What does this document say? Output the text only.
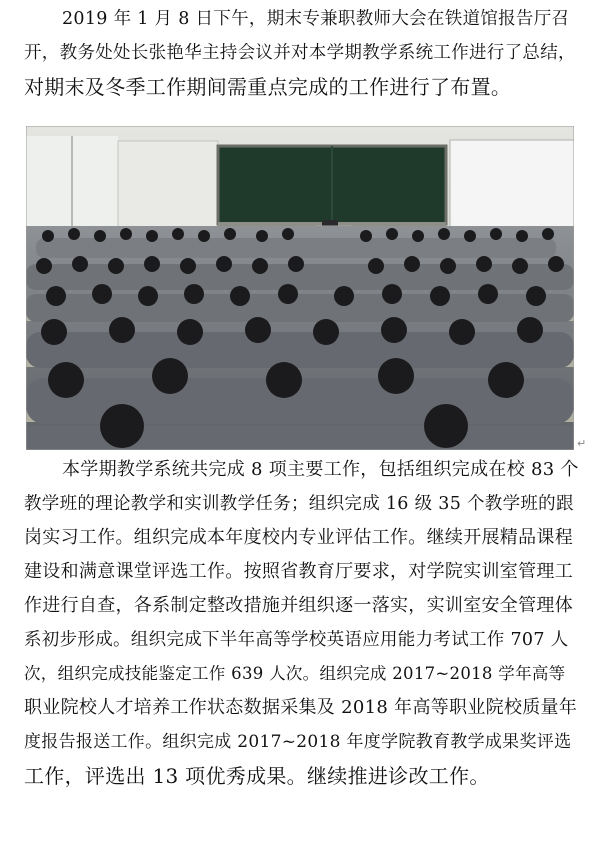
2019 年 1 月 8 日下午，期末专兼职教师大会在铁道馆报告厅召
开，教务处处长张艳华主持会议并对本学期教学系统工作进行了总结，
对期末及冬季工作期间需重点完成的工作进行了布置。
↵
本学期教学系统共完成 8 项主要工作，包括组织完成在校 83 个
教学班的理论教学和实训教学任务；组织完成 16 级 35 个教学班的跟
岗实习工作。组织完成本年度校内专业评估工作。继续开展精品课程
建设和满意课堂评选工作。按照省教育厅要求，对学院实训室管理工
作进行自查，各系制定整改措施并组织逐一落实，实训室安全管理体
系初步形成。组织完成下半年高等学校英语应用能力考试工作 707 人
次，组织完成技能鉴定工作 639 人次。组织完成 2017~2018 学年高等
职业院校人才培养工作状态数据采集及 2018 年高等职业院校质量年
度报告报送工作。组织完成 2017~2018 年度学院教育教学成果奖评选
工作，评选出 13 项优秀成果。继续推进诊改工作。
